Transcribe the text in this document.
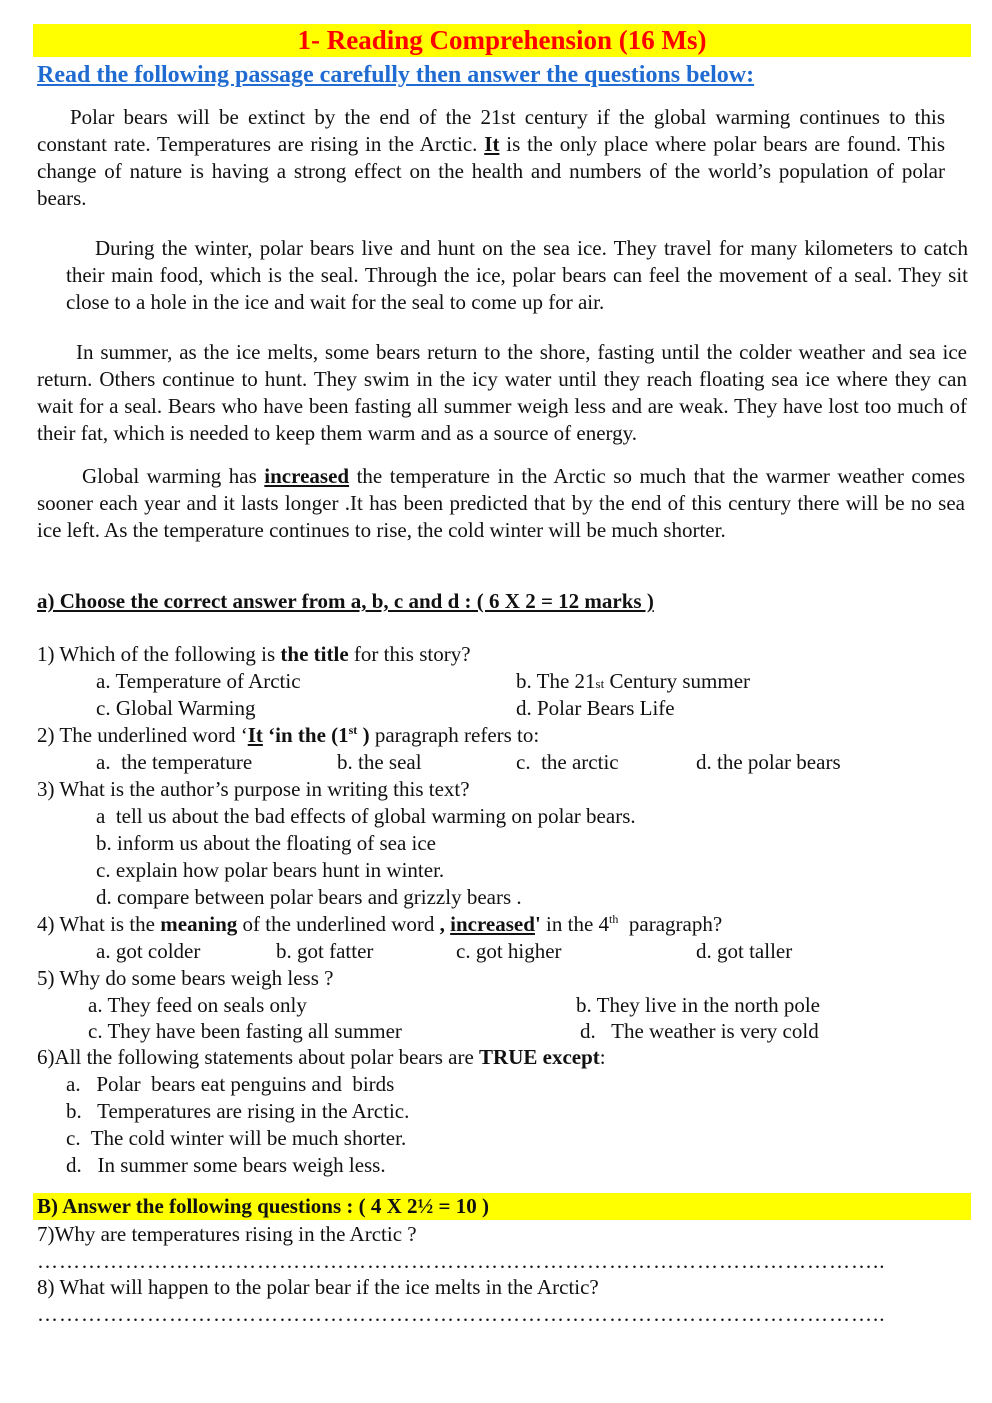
1- Reading Comprehension (16 Ms)
Read the following passage carefully then answer the questions below:

Polar bears will be extinct by the end of the 21st century if the global warming continues to this constant rate. Temperatures are rising in the Arctic. It is the only place where polar bears are found. This change of nature is having a strong effect on the health and numbers of the world’s population of polar bears.

During the winter, polar bears live and hunt on the sea ice. They travel for many kilometers to catch their main food, which is the seal. Through the ice, polar bears can feel the movement of a seal. They sit close to a hole in the ice and wait for the seal to come up for air.

In summer, as the ice melts, some bears return to the shore, fasting until the colder weather and sea ice return. Others continue to hunt. They swim in the icy water until they reach floating sea ice where they can wait for a seal. Bears who have been fasting all summer weigh less and are weak. They have lost too much of their fat, which is needed to keep them warm and as a source of energy.

Global warming has increased the temperature in the Arctic so much that the warmer weather comes sooner each year and it lasts longer .It has been predicted that by the end of this century there will be no sea ice left. As the temperature continues to rise, the cold winter will be much shorter.

a) Choose the correct answer from a, b, c and d : ( 6 X 2 = 12 marks )
1) Which of the following is the title for this story?
a. Temperature of Arctic	b. The 21st Century summer
c. Global Warming	d. Polar Bears Life
2) The underlined word ‘It ‘in the (1st ) paragraph refers to:
a.  the temperature	b. the seal	c.  the arctic	d. the polar bears
3) What is the author’s purpose in writing this text?
a  tell us about the bad effects of global warming on polar bears.
b. inform us about the floating of sea ice
c. explain how polar bears hunt in winter.
d. compare between polar bears and grizzly bears .
4) What is the meaning of the underlined word , increased' in the 4th  paragraph?
a. got colder	b. got fatter	c. got higher	d. got taller
5) Why do some bears weigh less ?
a. They feed on seals only	b. They live in the north pole
c. They have been fasting all summer	d.   The weather is very cold
6)All the following statements about polar bears are TRUE except:
a.   Polar  bears eat penguins and  birds
b.   Temperatures are rising in the Arctic.
c.  The cold winter will be much shorter.
d.   In summer some bears weigh less.
B) Answer the following questions : ( 4 X 2½ = 10 )
7)Why are temperatures rising in the Arctic ?
……………………………………………………………………………………………………..
8) What will happen to the polar bear if the ice melts in the Arctic?
……………………………………………………………………………………………………..
